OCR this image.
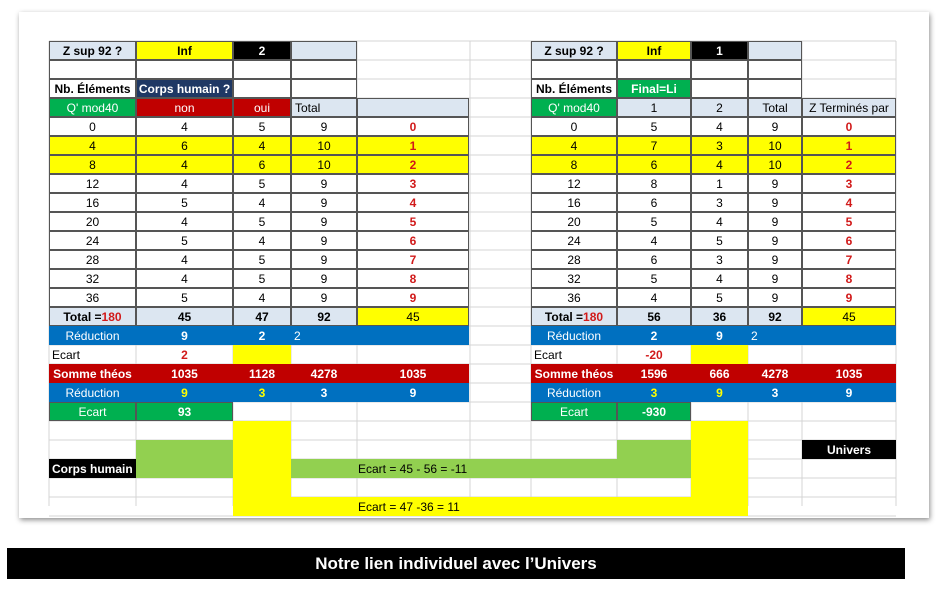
Ecart = 45 - 56 = -11
Ecart = 47 -36 = 11
Z sup 92 ?	Inf	2
Nb. Éléments Corps humain ?
Q' mod40	non	oui	Total
0	4	5	9	0
4	6	4	10	1
8	4	6	10	2
12	4	5	9	3
16	5	4	9	4
20	4	5	9	5
24	5	4	9	6
28	4	5	9	7
32	4	5	9	8
36	5	4	9	9
Total = 180	45	47	92	45
Réduction	9	2	2
Ecart	2
Somme théos	1035	1128	4278	1035
Réduction	9	3	3	9
Ecart	93
Z sup 92 ?	Inf	1
Nb. Éléments	Final=Li
Q' mod40	1	2	Total	Z Terminés par
0	5	4	9	0
4	7	3	10	1
8	6	4	10	2
12	8	1	9	3
16	6	3	9	4
20	5	4	9	5
24	4	5	9	6
28	6	3	9	7
32	5	4	9	8
36	4	5	9	9
Total = 180	56	36	92	45
Réduction	2	9	2
Ecart	-20
Somme théos	1596	666	4278	1035
Réduction	3	9	3	9
Ecart	-930
Corps humain
Univers
Notre lien individuel avec l’Univers
